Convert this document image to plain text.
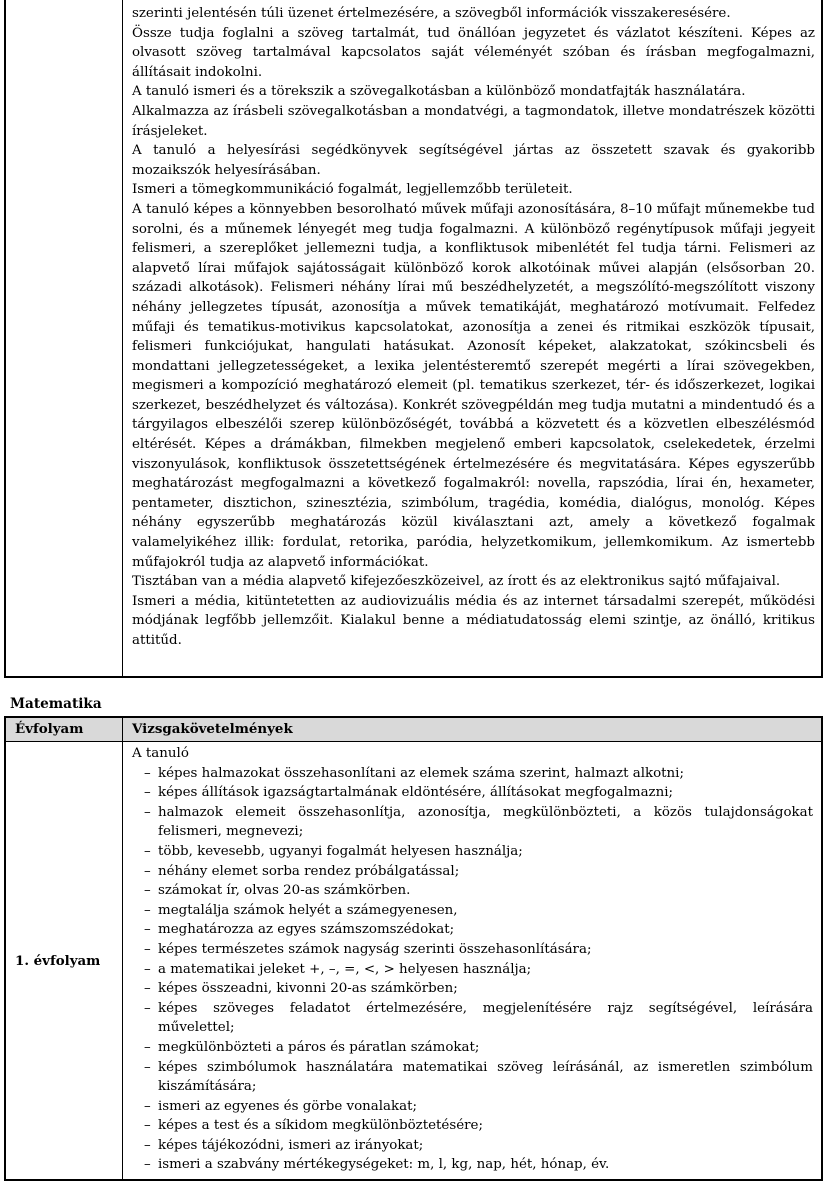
szerinti jelentésén túli üzenet értelmezésére, a szövegből információk visszakeresésére.

Össze tudja foglalni a szöveg tartalmát, tud önállóan jegyzetet és vázlatot készíteni. Képes az olvasott szöveg tartalmával kapcsolatos saját véleményét szóban és írásban megfogalmazni, állításait indokolni.

A tanuló ismeri és a törekszik a szövegalkotásban a különböző mondatfajták használatára.

Alkalmazza az írásbeli szövegalkotásban a mondatvégi, a tagmondatok, illetve mondatrészek közötti írásjeleket.

A tanuló a helyesírási segédkönyvek segítségével jártas az összetett szavak és gyakoribb mozaikszók helyesírásában.

Ismeri a tömegkommunikáció fogalmát, legjellemzőbb területeit.

A tanuló képes a könnyebben besorolható művek műfaji azonosítására, 8–10 műfajt műnemekbe tud sorolni, és a műnemek lényegét meg tudja fogalmazni. A különböző regénytípusok műfaji jegyeit felismeri, a szereplőket jellemezni tudja, a konfliktusok mibenlétét fel tudja tárni. Felismeri az alapvető lírai műfajok sajátosságait különböző korok alkotóinak művei alapján (elsősorban 20. századi alkotások). Felismeri néhány lírai mű beszédhelyzetét, a megszólító-megszólított viszony néhány jellegzetes típusát, azonosítja a művek tematikáját, meghatározó motívumait. Felfedez műfaji és tematikus-motivikus kapcsolatokat, azonosítja a zenei és ritmikai eszközök típusait, felismeri funkciójukat, hangulati hatásukat. Azonosít képeket, alakzatokat, szókincsbeli és mondattani jellegzetességeket, a lexika jelentésteremtő szerepét megérti a lírai szövegekben, megismeri a kompozíció meghatározó elemeit (pl. tematikus szerkezet, tér- és időszerkezet, logikai szerkezet, beszédhelyzet és változása). Konkrét szövegpéldán meg tudja mutatni a mindentudó és a tárgyilagos elbeszélői szerep különbözőségét, továbbá a közvetett és a közvetlen elbeszélésmód eltérését. Képes a drámákban, filmekben megjelenő emberi kapcsolatok, cselekedetek, érzelmi viszonyulások, konfliktusok összetettségének értelmezésére és megvitatására. Képes egyszerűbb meghatározást megfogalmazni a következő fogalmakról: novella, rapszódia, lírai én, hexameter, pentameter, disztichon, szinesztézia, szimbólum, tragédia, komédia, dialógus, monológ. Képes néhány egyszerűbb meghatározás közül kiválasztani azt, amely a következő fogalmak valamelyikéhez illik: fordulat, retorika, paródia, helyzetkomikum, jellemkomikum. Az ismertebb műfajokról tudja az alapvető információkat.

Tisztában van a média alapvető kifejezőeszközeivel, az írott és az elektronikus sajtó műfajaival.

Ismeri a média, kitüntetetten az audiovizuális média és az internet társadalmi szerepét, működési módjának legfőbb jellemzőit. Kialakul benne a médiatudatosság elemi szintje, az önálló, kritikus attitűd.

Matematika
Évfolyam	Vizsgakövetelmények
1. évfolyam
A tanuló
– képes halmazokat összehasonlítani az elemek száma szerint, halmazt alkotni;
– képes állítások igazságtartalmának eldöntésére, állításokat megfogalmazni;
– halmazok elemeit összehasonlítja, azonosítja, megkülönbözteti, a közös tulajdonságokat felismeri, megnevezi;
– több, kevesebb, ugyanyi fogalmát helyesen használja;
– néhány elemet sorba rendez próbálgatással;
– számokat ír, olvas 20-as számkörben.
– megtalálja számok helyét a számegyenesen,
– meghatározza az egyes számszomszédokat;
– képes természetes számok nagyság szerinti összehasonlítására;
– a matematikai jeleket +, –, =, <, > helyesen használja;
– képes összeadni, kivonni 20-as számkörben;
– képes szöveges feladatot értelmezésére, megjelenítésére rajz segítségével, leírására művelettel;
– megkülönbözteti a páros és páratlan számokat;
– képes szimbólumok használatára matematikai szöveg leírásánál, az ismeretlen szimbólum kiszámítására;
– ismeri az egyenes és görbe vonalakat;
– képes a test és a síkidom megkülönböztetésére;
– képes tájékozódni, ismeri az irányokat;
– ismeri a szabvány mértékegységeket: m, l, kg, nap, hét, hónap, év.
